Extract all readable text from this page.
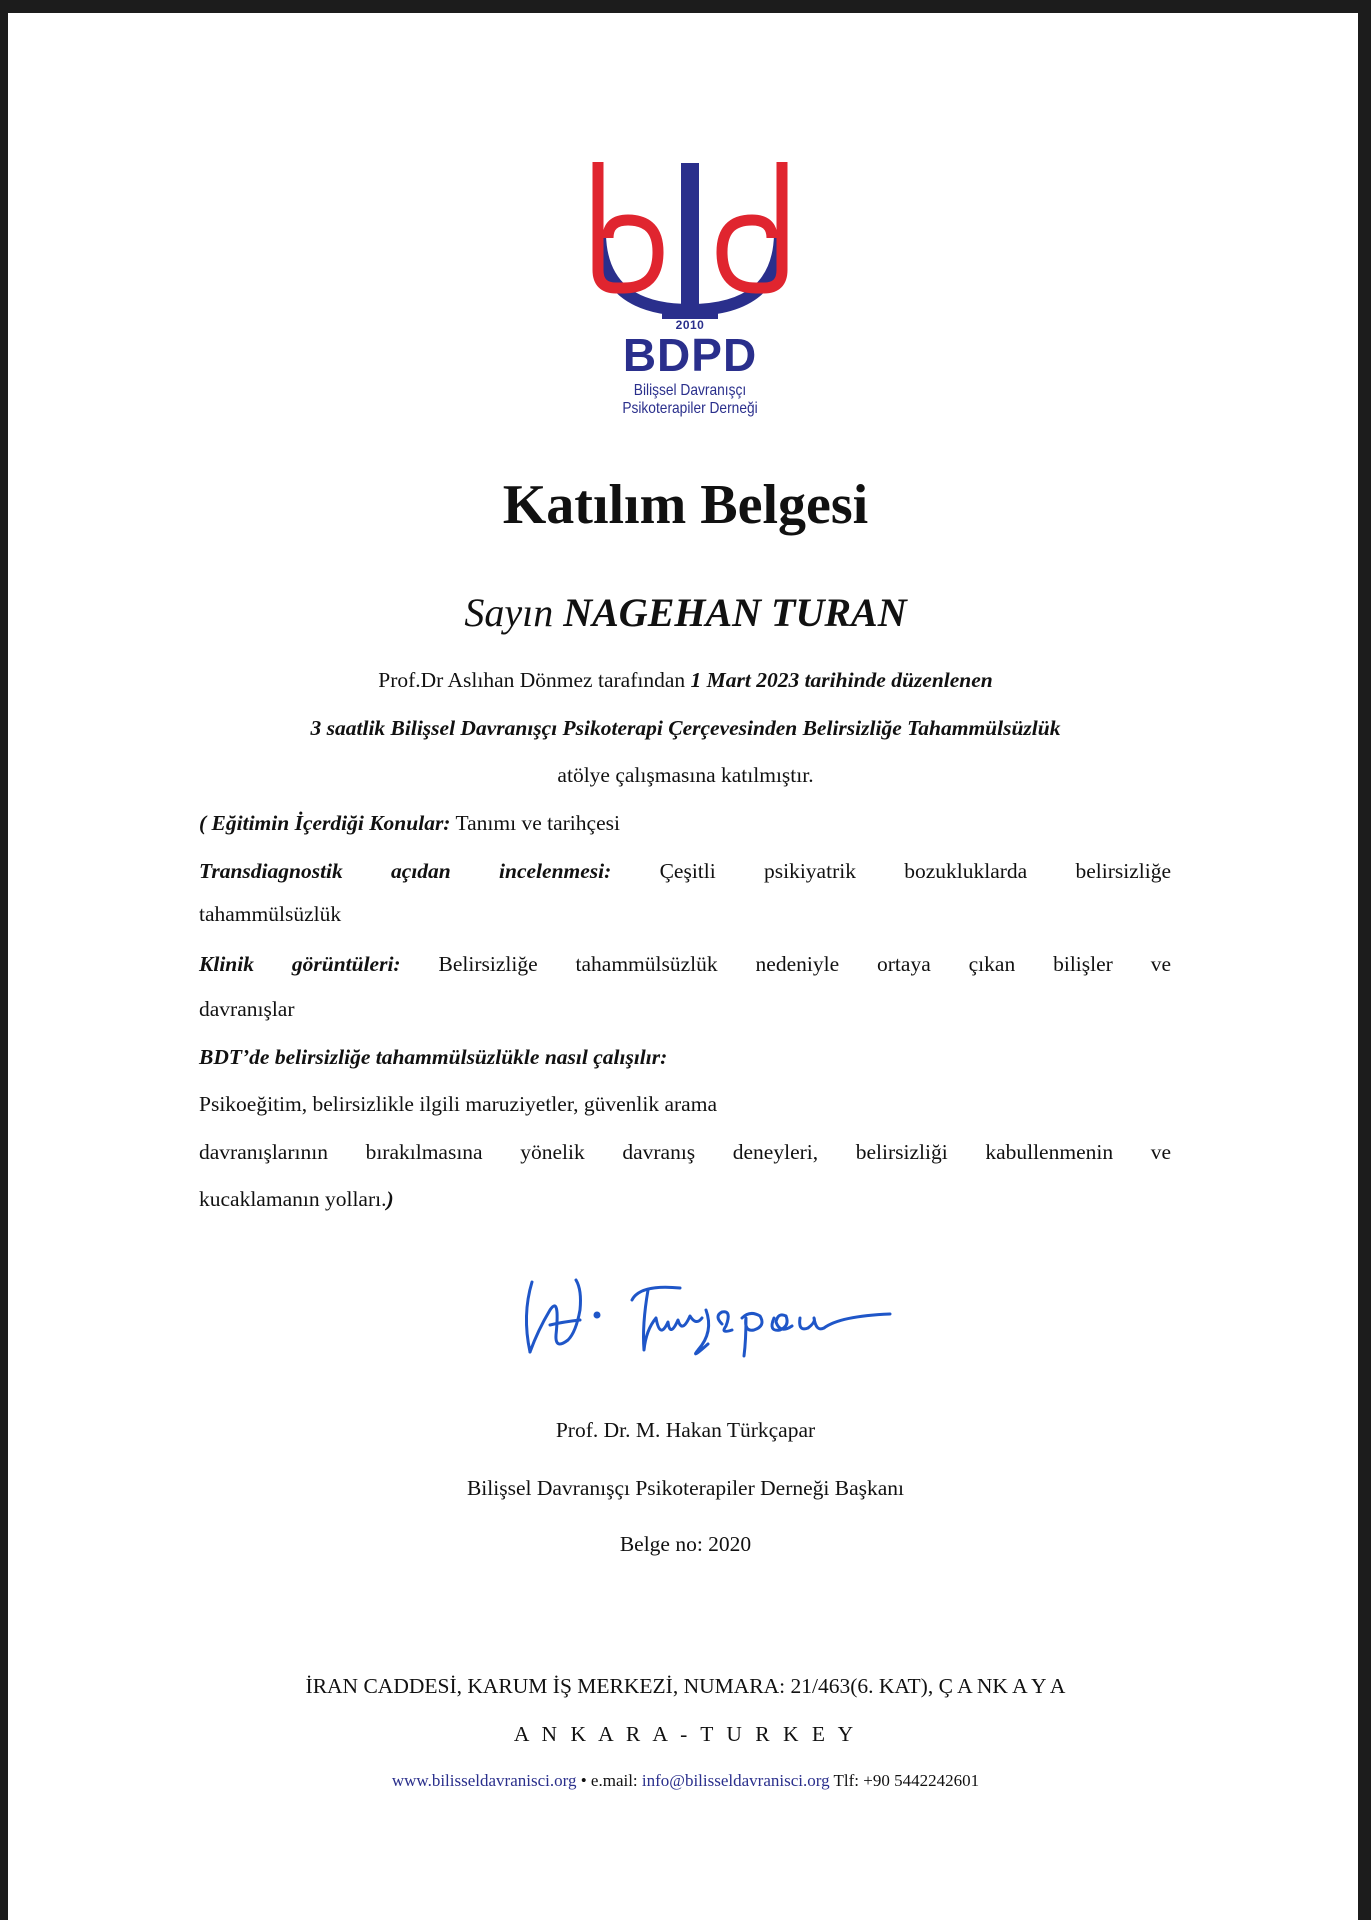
2010
BDPD
Bilişsel Davranışçı
Psikoterapiler Derneği
Katılım Belgesi
Sayın NAGEHAN TURAN
Prof.Dr Aslıhan Dönmez tarafından 1 Mart 2023 tarihinde düzenlenen
3 saatlik Bilişsel Davranışçı Psikoterapi Çerçevesinden Belirsizliğe Tahammülsüzlük
atölye çalışmasına katılmıştır.
( Eğitimin İçerdiği Konular: Tanımı ve tarihçesi
Transdiagnostik açıdan incelenmesi: Çeşitli psikiyatrik bozukluklarda belirsizliğe
tahammülsüzlük
Klinik görüntüleri: Belirsizliğe tahammülsüzlük nedeniyle ortaya çıkan bilişler ve
davranışlar
BDT’de belirsizliğe tahammülsüzlükle nasıl çalışılır:
Psikoeğitim, belirsizlikle ilgili maruziyetler, güvenlik arama
davranışlarının bırakılmasına yönelik davranış deneyleri, belirsizliği kabullenmenin ve
kucaklamanın yolları.)
Prof. Dr. M. Hakan Türkçapar
Bilişsel Davranışçı Psikoterapiler Derneği Başkanı
Belge no: 2020
İRAN CADDESİ, KARUM İŞ MERKEZİ, NUMARA: 21/463(6. KAT), Ç A NK A Y A
A N K A R A - T U R K E Y
www.bilisseldavranisci.org • e.mail: info@bilisseldavranisci.org Tlf: +90 5442242601
